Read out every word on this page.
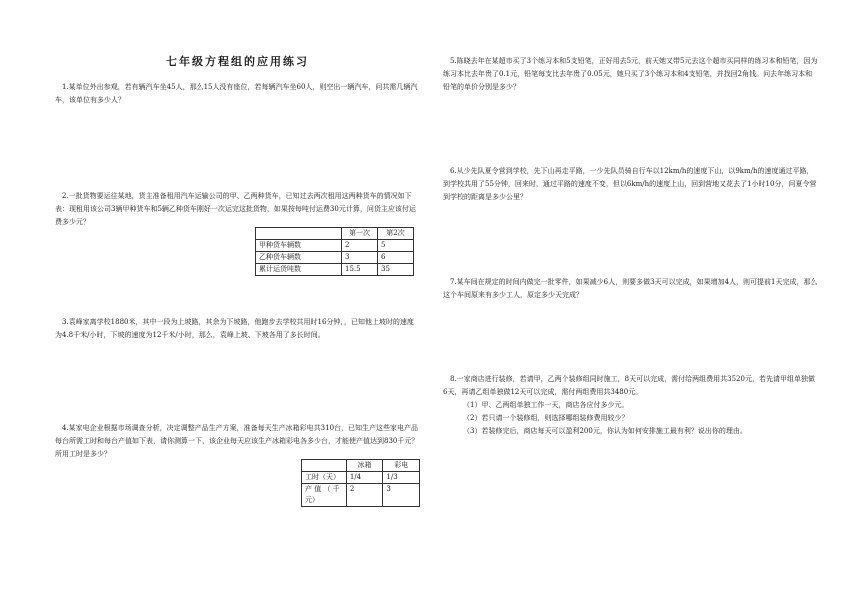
七年级方程组的应用练习
1.某单位外出参观，若有辆汽车坐45人，那么15人没有座位，若每辆汽车坐60人，则空出一辆汽车，问共需几辆汽车，该单位有多少人？
2.一批货物要运往某地，货主准备租用汽车运输公司的甲、乙两种货车，已知过去两次租用这两种货车的情况如下表：现租用该公司3辆甲种货车和5辆乙种货车刚好一次运完这批货物，如果按每吨付运费30元计算，问货主应该付运费多少元？
	第一次	第2次
甲种货车辆数	2	5
乙种货车辆数	3	6
累计运货吨数	15.5	35
3.袁峰家离学校1880米，其中一段为上坡路，其余为下坡路，他跑步去学校共用时16分钟，，已知他上坡时的速度为4.8千米/小时，下坡的速度为12千米/小时，那么，袁峰上坡、下坡各用了多长时间。
4.某家电企业根据市场调查分析，决定调整产品生产方案，准备每天生产冰箱彩电共310台，已知生产这些家电产品每台所需工时和每台产值如下表，请你测算一下，该企业每天应该生产冰箱彩电各多少台，才能使产值达到830千元？所用工时是多少？
	冰箱	彩电
工时（天）	1/4	1/3
产 值 （ 千元）	2	3
5.陈晓去年在某超市买了3个练习本和5支铅笔，正好用去5元，前天她又带5元去这个超市买同样的练习本和铅笔，因为练习本比去年贵了0.1元，铅笔每支比去年贵了0.05元，她只买了3个练习本和4支铅笔，并找回2角钱。问去年练习本和铅笔的单价分别是多少？
6.从少先队夏令营到学校，先下山再走平路，一少先队员骑自行车以12km/h的速度下山，以9km/h的速度通过平路，到学校共用了55分钟，回来时，通过平路的速度不变，但以6km/h的速度上山，回到营地又花去了1小时10分，问夏令营到学校的距离是多少公里？
7.某车间在规定的时间内做完一批零件，如果减少6人，则要多做3天可以完成，如果增加4人，则可提前1天完成，那么这个车间原来有多少工人，原定多少天完成？
8.一家商店进行装修，若请甲，乙两个装修组同时施工，8天可以完成，需付给两组费用共3520元，若先请甲组单独做6天，再请乙组单独做12天可以完成，需付两组费用共3480元。
（1）甲、乙两组单独工作一天，商店各应付多少元。
（2）若只请一个装修组，则选择哪组装修费用较少？
（3）若装修完后，商店每天可以盈利200元，你认为如何安排施工最有利？说出你的理由。
